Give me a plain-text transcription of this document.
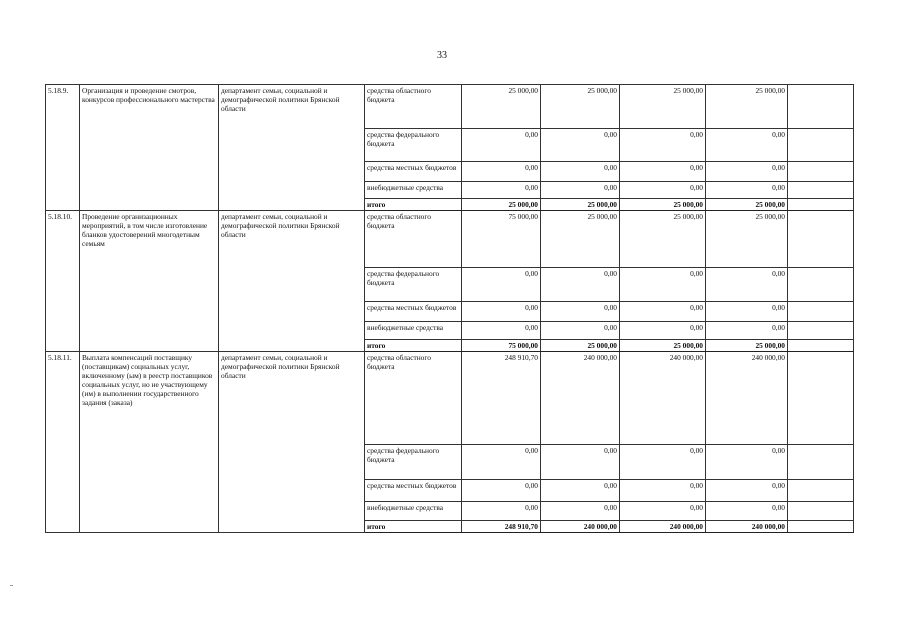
33
5.18.9.	Организация и проведение смотров, конкурсов профессионального мастерства	департамент семьи, социальной и демографической политики Брянской области	средства областного бюджета	25 000,00	25 000,00	25 000,00	25 000,00	
			средства федерального бюджета	0,00	0,00	0,00	0,00	
			средства местных бюджетов	0,00	0,00	0,00	0,00	
			внебюджетные средства	0,00	0,00	0,00	0,00	
			итого	25 000,00	25 000,00	25 000,00	25 000,00	
5.18.10.	Проведение организационных мероприятий, в том числе изготовление бланков удостоверений многодетным семьям	департамент семьи, социальной и демографической политики Брянской области	средства областного бюджета	75 000,00	25 000,00	25 000,00	25 000,00	
			средства федерального бюджета	0,00	0,00	0,00	0,00	
			средства местных бюджетов	0,00	0,00	0,00	0,00	
			внебюджетные средства	0,00	0,00	0,00	0,00	
			итого	75 000,00	25 000,00	25 000,00	25 000,00	
5.18.11.	Выплата компенсаций поставщику (поставщикам) социальных услуг, включенному (ым) в реестр поставщиков социальных услуг, но не участвующему (им) в выполнении государственного задания (заказа)	департамент семьи, социальной и демографической политики Брянской области	средства областного бюджета	248 910,70	240 000,00	240 000,00	240 000,00	
			средства федерального бюджета	0,00	0,00	0,00	0,00	
			средства местных бюджетов	0,00	0,00	0,00	0,00	
			внебюджетные средства	0,00	0,00	0,00	0,00	
			итого	248 910,70	240 000,00	240 000,00	240 000,00	
